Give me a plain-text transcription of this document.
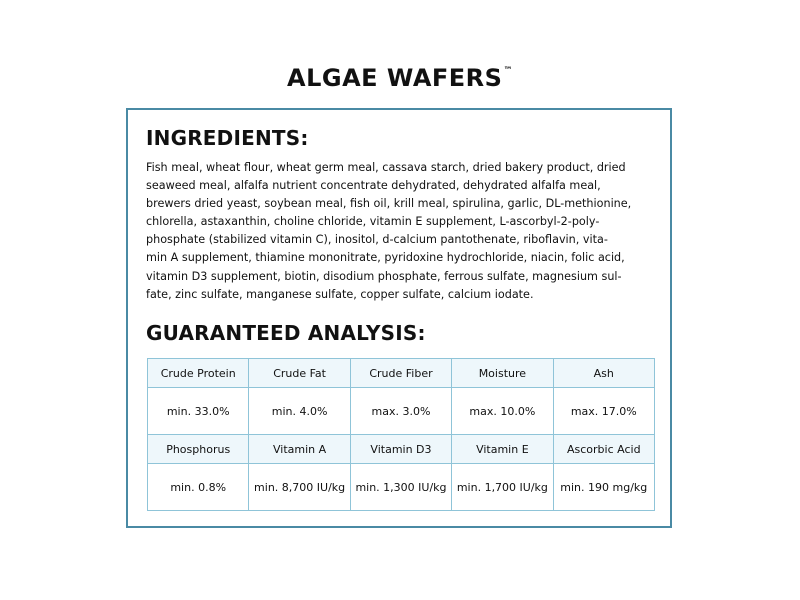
ALGAE WAFERS™
INGREDIENTS:
Fish meal, wheat flour, wheat germ meal, cassava starch, dried bakery product, dried
seaweed meal, alfalfa nutrient concentrate dehydrated, dehydrated alfalfa meal,
brewers dried yeast, soybean meal, fish oil, krill meal, spirulina, garlic, DL-methionine,
chlorella, astaxanthin, choline chloride, vitamin E supplement, L-ascorbyl-2-poly-
phosphate (stabilized vitamin C), inositol, d-calcium pantothenate, riboflavin, vita-
min A supplement, thiamine mononitrate, pyridoxine hydrochloride, niacin, folic acid,
vitamin D3 supplement, biotin, disodium phosphate, ferrous sulfate, magnesium sul-
fate, zinc sulfate, manganese sulfate, copper sulfate, calcium iodate.
GUARANTEED ANALYSIS:
Crude Protein	Crude Fat	Crude Fiber	Moisture	Ash
min. 33.0%	min. 4.0%	max. 3.0%	max. 10.0%	max. 17.0%
Phosphorus	Vitamin A	Vitamin D3	Vitamin E	Ascorbic Acid
min. 0.8%	min. 8,700 IU/kg	min. 1,300 IU/kg	min. 1,700 IU/kg	min. 190 mg/kg
